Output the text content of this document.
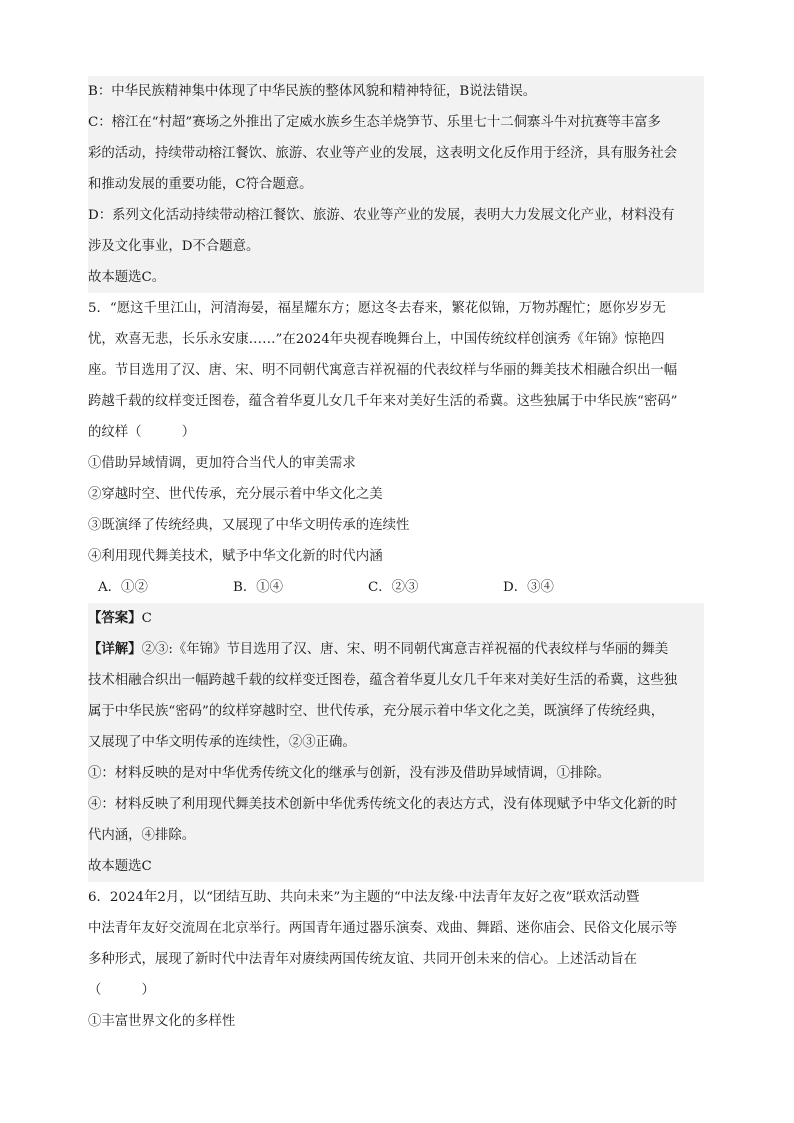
B：中华民族精神集中体现了中华民族的整体风貌和精神特征，B说法错误。
C：榕江在“村超”赛场之外推出了定威水族乡生态羊烧笋节、乐里七十二侗寨斗牛对抗赛等丰富多
彩的活动，持续带动榕江餐饮、旅游、农业等产业的发展，这表明文化反作用于经济，具有服务社会
和推动发展的重要功能，C符合题意。
D：系列文化活动持续带动榕江餐饮、旅游、农业等产业的发展，表明大力发展文化产业，材料没有
涉及文化事业，D不合题意。
故本题选C。
5．“愿这千里江山，河清海晏，福星耀东方；愿这冬去春来，繁花似锦，万物苏醒忙；愿你岁岁无
忧，欢喜无悲，长乐永安康……”在2024年央视春晚舞台上，中国传统纹样创演秀《年锦》惊艳四
座。节目选用了汉、唐、宋、明不同朝代寓意吉祥祝福的代表纹样与华丽的舞美技术相融合织出一幅
跨越千载的纹样变迁图卷，蕴含着华夏儿女几千年来对美好生活的希冀。这些独属于中华民族“密码”
的纹样（　　　）
①借助异域情调，更加符合当代人的审美需求
②穿越时空、世代传承，充分展示着中华文化之美
③既演绎了传统经典，又展现了中华文明传承的连续性
④利用现代舞美技术，赋予中华文化新的时代内涵
A．①②	B．①④	C．②③	D．③④
【答案】C
【详解】②③:《年锦》节目选用了汉、唐、宋、明不同朝代寓意吉祥祝福的代表纹样与华丽的舞美
技术相融合织出一幅跨越千载的纹样变迁图卷，蕴含着华夏儿女几千年来对美好生活的希冀，这些独
属于中华民族“密码”的纹样穿越时空、世代传承，充分展示着中华文化之美，既演绎了传统经典，
又展现了中华文明传承的连续性，②③正确。
①：材料反映的是对中华优秀传统文化的继承与创新，没有涉及借助异域情调，①排除。
④：材料反映了利用现代舞美技术创新中华优秀传统文化的表达方式，没有体现赋予中华文化新的时
代内涵，④排除。
故本题选C
6．2024年2月，以“团结互助、共向未来”为主题的“中法友缘·中法青年友好之夜”联欢活动暨
中法青年友好交流周在北京举行。两国青年通过器乐演奏、戏曲、舞蹈、迷你庙会、民俗文化展示等
多种形式，展现了新时代中法青年对赓续两国传统友谊、共同开创未来的信心。上述活动旨在
（　　　）
①丰富世界文化的多样性
